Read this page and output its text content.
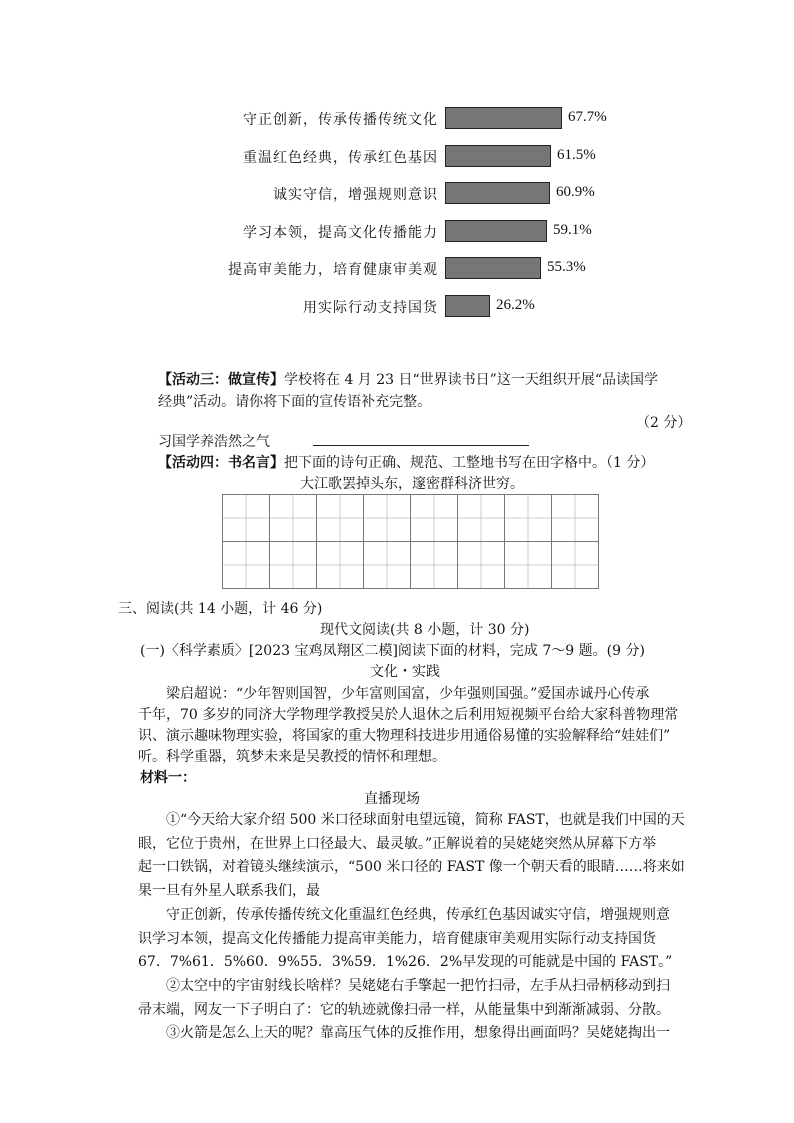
守正创新，传承传播传统文化	67.7%
重温红色经典，传承红色基因	61.5%
诚实守信，增强规则意识	60.9%
学习本领，提高文化传播能力	59.1%
提高审美能力，培育健康审美观	55.3%
用实际行动支持国货	26.2%
【活动三：做宣传】学校将在 4 月 23 日“世界读书日”这一天组织开展“品读国学
经典”活动。请你将下面的宣传语补充完整。
（2 分）
习国学养浩然之气
【活动四：书名言】把下面的诗句正确、规范、工整地书写在田字格中。（1 分）
大江歌罢掉头东，邃密群科济世穷。

三、阅读(共 14 小题，计 46 分)
现代文阅读(共 8 小题，计 30 分)
(一)〈科学素质〉[2023 宝鸡凤翔区二模]阅读下面的材料，完成 7～9 题。(9 分)
文化・实践
梁启超说：“少年智则国智，少年富则国富，少年强则国强。”爱国赤诚丹心传承
千年，70 多岁的同济大学物理学教授吴於人退休之后利用短视频平台给大家科普物理常
识、演示趣味物理实验，将国家的重大物理科技进步用通俗易懂的实验解释给“娃娃们”
听。科学重器，筑梦未来是吴教授的情怀和理想。
材料一：
直播现场
①“今天给大家介绍 500 米口径球面射电望远镜，简称 FAST，也就是我们中国的天
眼，它位于贵州，在世界上口径最大、最灵敏。”正解说着的吴姥姥突然从屏幕下方举
起一口铁锅，对着镜头继续演示，“500 米口径的 FAST 像一个朝天看的眼睛……将来如
果一旦有外星人联系我们，最
守正创新，传承传播传统文化重温红色经典，传承红色基因诚实守信，增强规则意
识学习本领，提高文化传播能力提高审美能力，培育健康审美观用实际行动支持国货
67．7%61．5%60．9%55．3%59．1%26．2%早发现的可能就是中国的 FAST。”
②太空中的宇宙射线长啥样？吴姥姥右手擎起一把竹扫帚，左手从扫帚柄移动到扫
帚末端，网友一下子明白了：它的轨迹就像扫帚一样，从能量集中到渐渐减弱、分散。
③火箭是怎么上天的呢？靠高压气体的反推作用，想象得出画面吗？吴姥姥掏出一
